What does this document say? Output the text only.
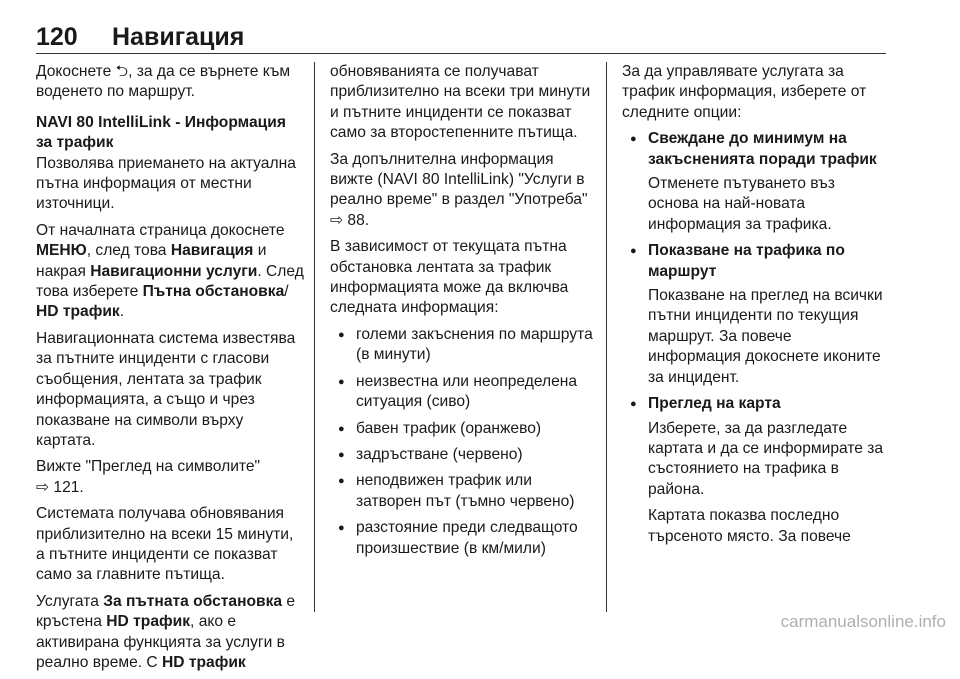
120 Навигация

Докоснете ⮌, за да се върнете към воденето по маршрут.

NAVI 80 IntelliLink - Информация за трафик

Позволява приемането на актуална пътна информация от местни източници.

От началната страница докоснете МЕНЮ, след това Навигация и накрая Навигационни услуги. След това изберете Пътна обстановка/ HD трафик.

Навигационната система известява за пътните инциденти с гласови съобщения, лентата за трафик информацията, а също и чрез показване на символи върху картата.

Вижте "Преглед на символите"
⇨ 121.

Системата получава обновявания приблизително на всеки 15 минути, а пътните инциденти се показват само за главните пътища.

Услугата За пътната обстановка е кръстена HD трафик, ако е активирана функцията за услуги в реално време. С HD трафик

обновяванията се получават приблизително на всеки три минути и пътните инциденти се показват само за второстепенните пътища.

За допълнителна информация вижте (NAVI 80 IntelliLink) "Услуги в реално време" в раздел "Употреба"
⇨ 88.

В зависимост от текущата пътна обстановка лентата за трафик информацията може да включва следната информация:

● големи закъснения по маршрута (в минути)
● неизвестна или неопределена ситуация (сиво)
● бавен трафик (оранжево)
● задръстване (червено)
● неподвижен трафик или затворен път (тъмно червено)
● разстояние преди следващото произшествие (в км/мили)

За да управлявате услугата за трафик информация, изберете от следните опции:

● Свеждане до минимум на закъсненията поради трафик
Отменете пътуването въз основа на най-новата информация за трафика.
● Показване на трафика по маршрут
Показване на преглед на всички пътни инциденти по текущия маршрут. За повече информация докоснете иконите за инцидент.
● Преглед на карта
Изберете, за да разгледате картата и да се информирате за състоянието на трафика в района.
Картата показва последно търсеното място. За повече
carmanualsonline.info
